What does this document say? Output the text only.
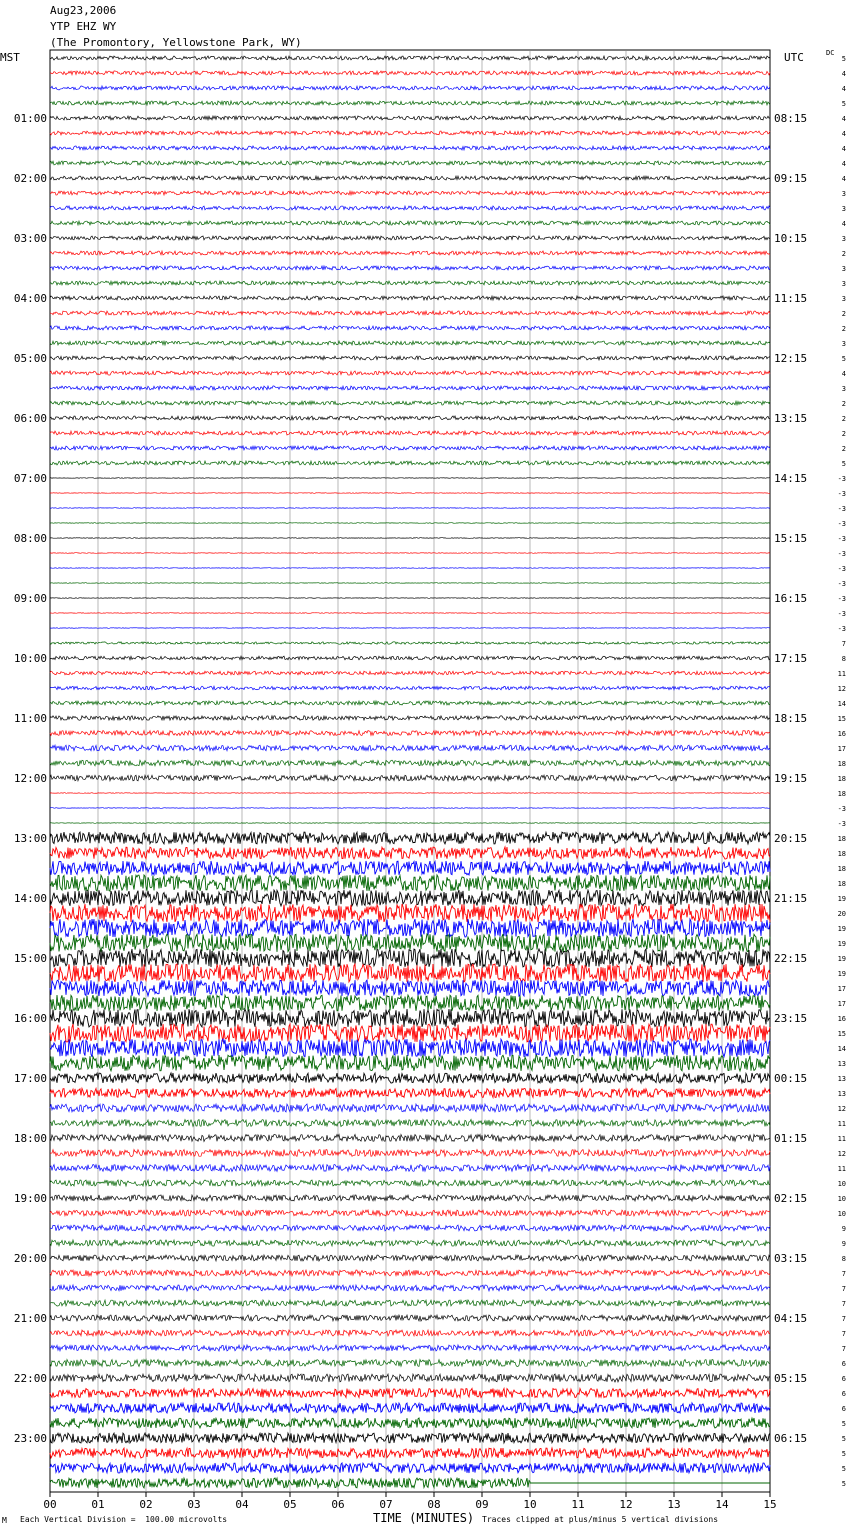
Aug23,2006
YTP EHZ WY
(The Promontory, Yellowstone Park, WY)
MST	UTC	DC
00	01	02	03	04	05	06	07	08	09	10	11	12	13	14	15
01:00
02:00
03:00
04:00
05:00
06:00
07:00
08:00
09:00
10:00
11:00
12:00
13:00
14:00
15:00
16:00
17:00
18:00
19:00
20:00
21:00
22:00
23:00
08:15
09:15
10:15
11:15
12:15
13:15
14:15
15:15
16:15
17:15
18:15
19:15
20:15
21:15
22:15
23:15
00:15
01:15
02:15
03:15
04:15
05:15
06:15
5
4
4
5
4
4
4
4
4
3
3
4
3
2
3
3
3
2
2
3
5
4
3
2
2
2
2
5
-3
-3
-3
-3
-3
-3
-3
-3
-3
-3
-3
7
8
11
12
14
15
16
17
18
18
18
-3
-3
18
18
18
18
19
20
19
19
19
19
17
17
16
15
14
13
13
13
12
11
11
12
11
10
10
10
9
9
8
7
7
7
7
7
7
6
6
6
6
5
5
5
5
5
M Each Vertical Division =  100.00 microvolts	TIME (MINUTES) Traces clipped at plus/minus 5 vertical divisions
